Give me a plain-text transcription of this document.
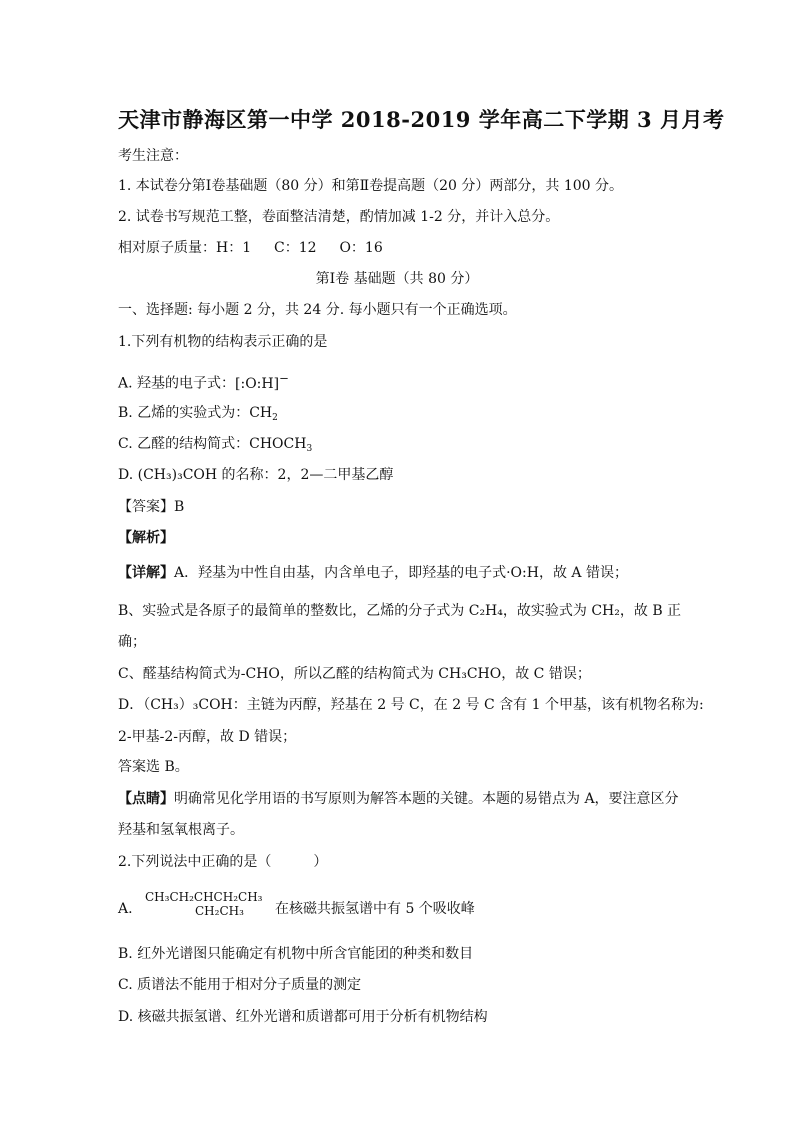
天津市静海区第一中学 2018-2019 学年高二下学期 3 月月考
考生注意：
1. 本试卷分第Ⅰ卷基础题（80 分）和第Ⅱ卷提高题（20 分）两部分，共 100 分。
2. 试卷书写规范工整，卷面整洁清楚，酌情加减 1-2 分，并计入总分。
相对原子质量：H：1 　 C：12 　 O：16
第Ⅰ卷 基础题（共 80 分）
一、选择题: 每小题 2 分，共 24 分. 每小题只有一个正确选项。
1.下列有机物的结构表示正确的是
A. 羟基的电子式：[:O:H]−
B. 乙烯的实验式为：$CH_2$
C. 乙醛的结构简式：$CHOCH_3$
D. (CH₃)₃COH 的名称：2，2—二甲基乙醇
【答案】B
【解析】
【详解】A．羟基为中性自由基，内含单电子，即羟基的电子式·O:H，故 A 错误；
B、实验式是各原子的最简单的整数比，乙烯的分子式为 C₂H₄，故实验式为 CH₂，故 B 正
确；
C、醛基结构简式为-CHO，所以乙醛的结构简式为 CH₃CHO，故 C 错误；
D．（CH₃）₃COH：主链为丙醇，羟基在 2 号 C，在 2 号 C 含有 1 个甲基，该有机物名称为:
2-甲基-2-丙醇，故 D 错误；
答案选 B。
【点睛】明确常见化学用语的书写原则为解答本题的关键。本题的易错点为 A，要注意区分
羟基和氢氧根离子。
2.下列说法中正确的是（　　　）
A.
CH₃CH₂CHCH₂CH₃
CH₂CH₃	在核磁共振氢谱中有 5 个吸收峰
B. 红外光谱图只能确定有机物中所含官能团的种类和数目
C. 质谱法不能用于相对分子质量的测定
D. 核磁共振氢谱、红外光谱和质谱都可用于分析有机物结构
